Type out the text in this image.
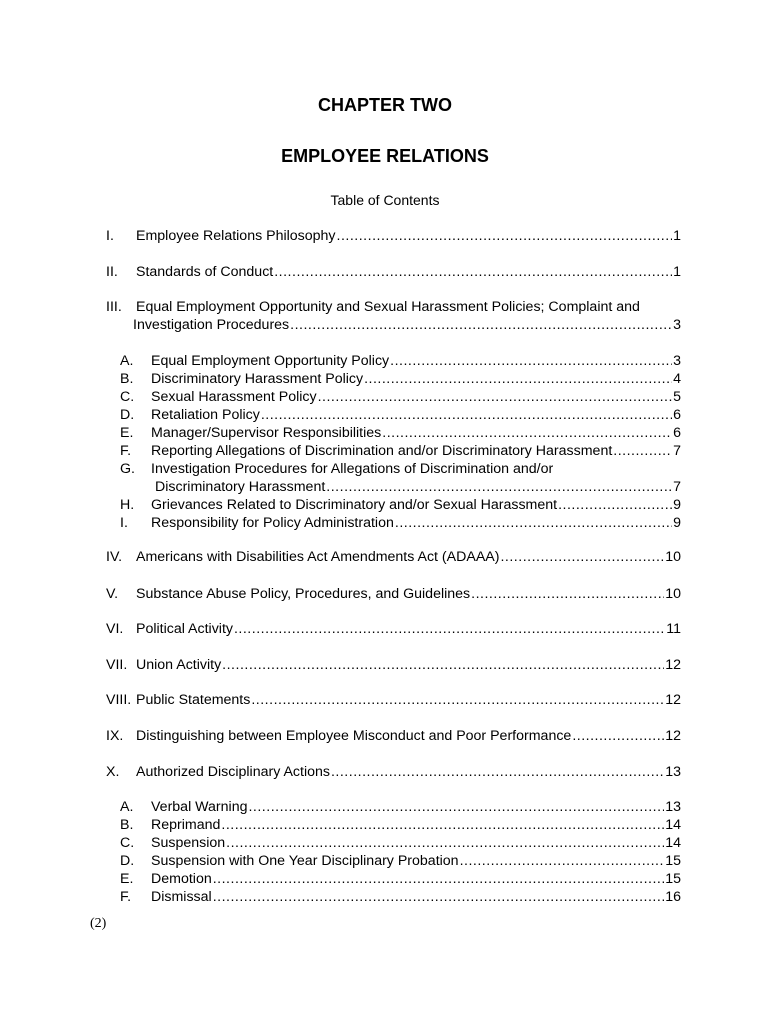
CHAPTER TWO
EMPLOYEE RELATIONS
Table of Contents
I.	Employee Relations Philosophy .....	1
II.	Standards of Conduct .....	1
III. Equal Employment Opportunity and Sexual Harassment Policies; Complaint and
Investigation Procedures .....	3
A.	Equal Employment Opportunity Policy .....	3
B.	Discriminatory Harassment Policy .....	4
C.	Sexual Harassment Policy .....	5
D.	Retaliation Policy .....	6
E.	Manager/Supervisor Responsibilities .....	6
F.	Reporting Allegations of Discrimination and/or Discriminatory Harassment .....	7
G. Investigation Procedures for Allegations of Discrimination and/or
Discriminatory Harassment .....	7
H.	Grievances Related to Discriminatory and/or Sexual Harassment .....	9
I.	Responsibility for Policy Administration .....	9
IV. Americans with Disabilities Act Amendments Act (ADAAA) .....	10
V.	Substance Abuse Policy, Procedures, and Guidelines .....	10
VI. Political Activity .....	11
VII. Union Activity .....	12
VIII. Public Statements .....	12
IX. Distinguishing between Employee Misconduct and Poor Performance .....	12
X.	Authorized Disciplinary Actions .....	13
A.	Verbal Warning .....	13
B.	Reprimand .....	14
C.	Suspension .....	14
D.	Suspension with One Year Disciplinary Probation .....	15
E.	Demotion .....	15
F.	Dismissal .....	16
(2)
